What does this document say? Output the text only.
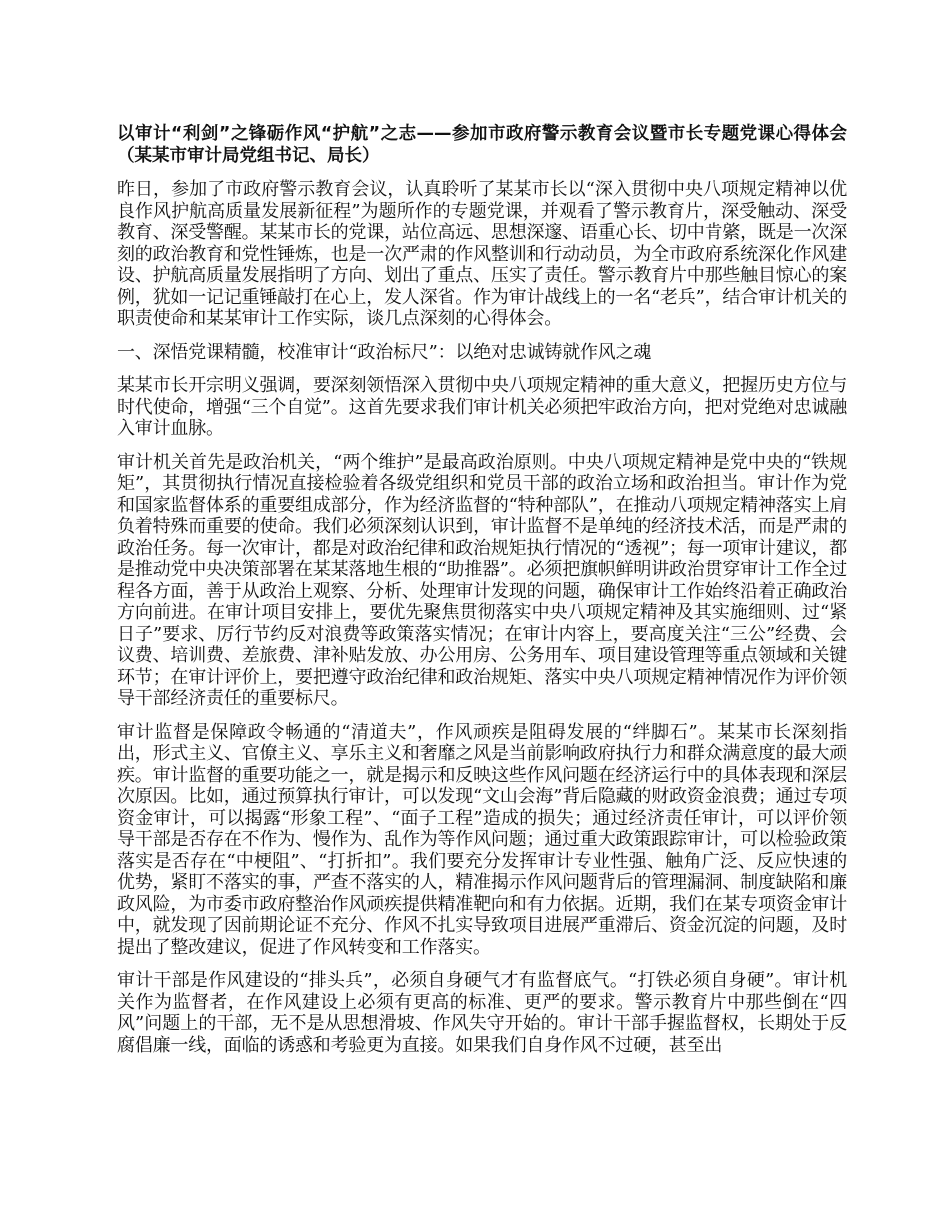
以审计“利剑”之锋砺作风“护航”之志——参加市政府警示教育会议暨市长专题党课心得体会（某某市审计局党组书记、局长）

昨日，参加了市政府警示教育会议，认真聆听了某某市长以“深入贯彻中央八项规定精神以优良作风护航高质量发展新征程”为题所作的专题党课，并观看了警示教育片，深受触动、深受教育、深受警醒。某某市长的党课，站位高远、思想深邃、语重心长、切中肯綮，既是一次深刻的政治教育和党性锤炼，也是一次严肃的作风整训和行动动员，为全市政府系统深化作风建设、护航高质量发展指明了方向、划出了重点、压实了责任。警示教育片中那些触目惊心的案例，犹如一记记重锤敲打在心上，发人深省。作为审计战线上的一名“老兵”，结合审计机关的职责使命和某某审计工作实际，谈几点深刻的心得体会。

一、深悟党课精髓，校准审计“政治标尺”：以绝对忠诚铸就作风之魂

某某市长开宗明义强调，要深刻领悟深入贯彻中央八项规定精神的重大意义，把握历史方位与时代使命，增强“三个自觉”。这首先要求我们审计机关必须把牢政治方向，把对党绝对忠诚融入审计血脉。

审计机关首先是政治机关，“两个维护”是最高政治原则。中央八项规定精神是党中央的“铁规矩”，其贯彻执行情况直接检验着各级党组织和党员干部的政治立场和政治担当。审计作为党和国家监督体系的重要组成部分，作为经济监督的“特种部队”，在推动八项规定精神落实上肩负着特殊而重要的使命。我们必须深刻认识到，审计监督不是单纯的经济技术活，而是严肃的政治任务。每一次审计，都是对政治纪律和政治规矩执行情况的“透视”；每一项审计建议，都是推动党中央决策部署在某某落地生根的“助推器”。必须把旗帜鲜明讲政治贯穿审计工作全过程各方面，善于从政治上观察、分析、处理审计发现的问题，确保审计工作始终沿着正确政治方向前进。在审计项目安排上，要优先聚焦贯彻落实中央八项规定精神及其实施细则、过“紧日子”要求、厉行节约反对浪费等政策落实情况；在审计内容上，要高度关注“三公”经费、会议费、培训费、差旅费、津补贴发放、办公用房、公务用车、项目建设管理等重点领域和关键环节；在审计评价上，要把遵守政治纪律和政治规矩、落实中央八项规定精神情况作为评价领导干部经济责任的重要标尺。

审计监督是保障政令畅通的“清道夫”，作风顽疾是阻碍发展的“绊脚石”。某某市长深刻指出，形式主义、官僚主义、享乐主义和奢靡之风是当前影响政府执行力和群众满意度的最大顽疾。审计监督的重要功能之一，就是揭示和反映这些作风问题在经济运行中的具体表现和深层次原因。比如，通过预算执行审计，可以发现“文山会海”背后隐藏的财政资金浪费；通过专项资金审计，可以揭露“形象工程”、“面子工程”造成的损失；通过经济责任审计，可以评价领导干部是否存在不作为、慢作为、乱作为等作风问题；通过重大政策跟踪审计，可以检验政策落实是否存在“中梗阻”、“打折扣”。我们要充分发挥审计专业性强、触角广泛、反应快速的优势，紧盯不落实的事，严查不落实的人，精准揭示作风问题背后的管理漏洞、制度缺陷和廉政风险，为市委市政府整治作风顽疾提供精准靶向和有力依据。近期，我们在某专项资金审计中，就发现了因前期论证不充分、作风不扎实导致项目进展严重滞后、资金沉淀的问题，及时提出了整改建议，促进了作风转变和工作落实。

审计干部是作风建设的“排头兵”，必须自身硬气才有监督底气。“打铁必须自身硬”。审计机关作为监督者，在作风建设上必须有更高的标准、更严的要求。警示教育片中那些倒在“四风”问题上的干部，无不是从思想滑坡、作风失守开始的。审计干部手握监督权，长期处于反腐倡廉一线，面临的诱惑和考验更为直接。如果我们自身作风不过硬，甚至出
